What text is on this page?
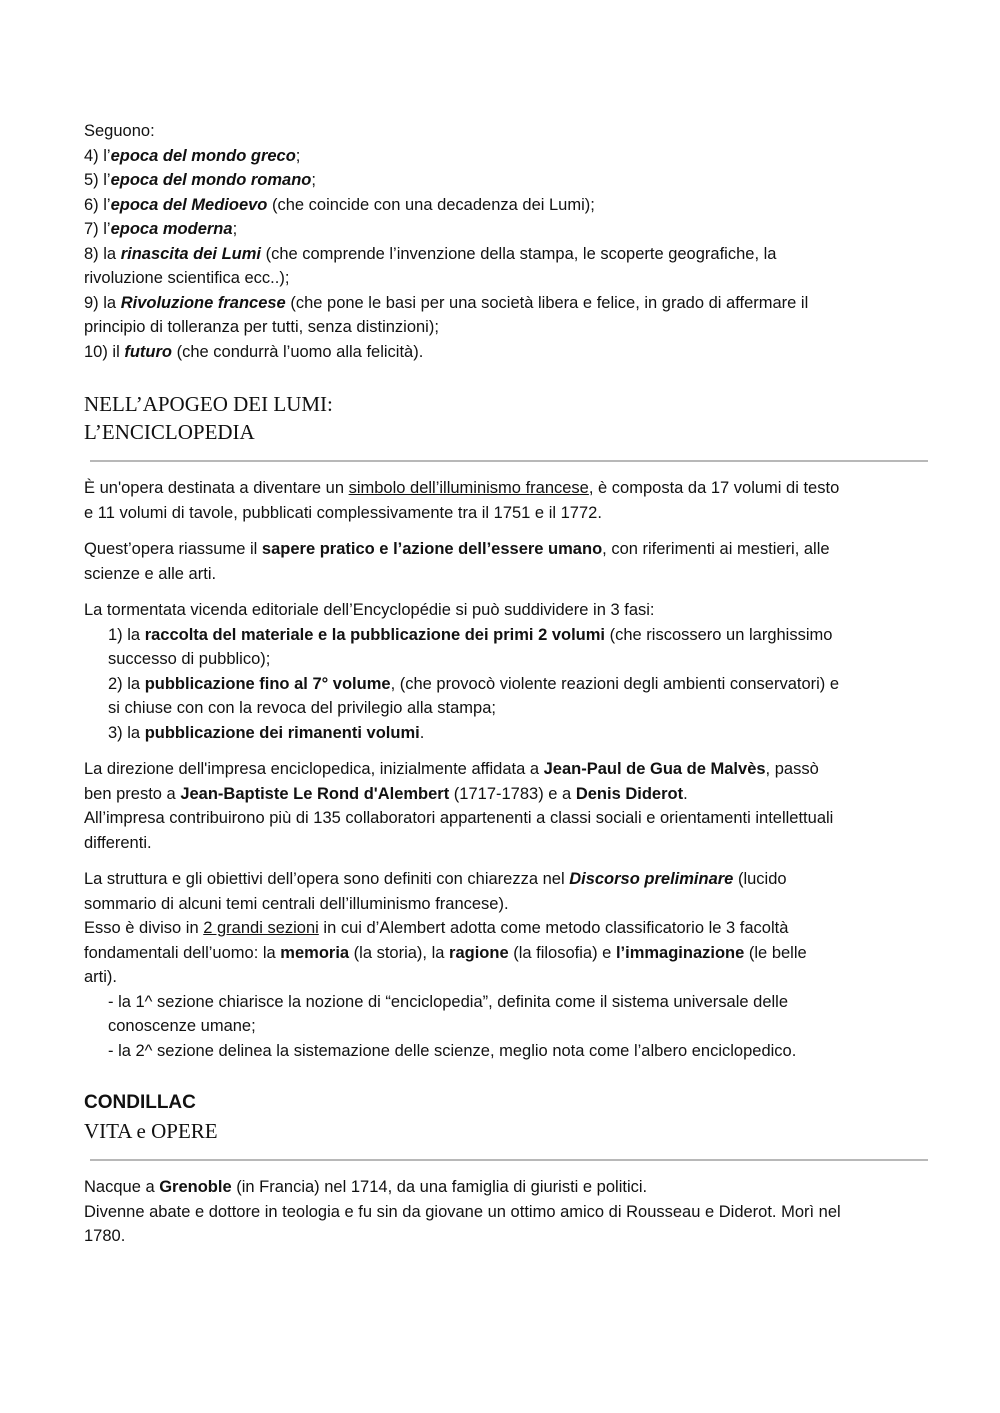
Seguono:
4) l’epoca del mondo greco;
5) l’epoca del mondo romano;
6) l’epoca del Medioevo (che coincide con una decadenza dei Lumi);
7) l’epoca moderna;
8) la rinascita dei Lumi (che comprende l’invenzione della stampa, le scoperte geografiche, la
rivoluzione scientifica ecc..);
9) la Rivoluzione francese (che pone le basi per una società libera e felice, in grado di affermare il
principio di tolleranza per tutti, senza distinzioni);
10) il futuro (che condurrà l’uomo alla felicità).
NELL’APOGEO DEI LUMI:
L’ENCICLOPEDIA

È un'opera destinata a diventare un simbolo dell’illuminismo francese, è composta da 17 volumi di testo
e 11 volumi di tavole, pubblicati complessivamente tra il 1751 e il 1772.

Quest’opera riassume il sapere pratico e l’azione dell’essere umano, con riferimenti ai mestieri, alle
scienze e alle arti.

La tormentata vicenda editoriale dell’Encyclopédie si può suddividere in 3 fasi:
1) la raccolta del materiale e la pubblicazione dei primi 2 volumi (che riscossero un larghissimo
successo di pubblico);
2) la pubblicazione fino al 7° volume, (che provocò violente reazioni degli ambienti conservatori) e
si chiuse con con la revoca del privilegio alla stampa;
3) la pubblicazione dei rimanenti volumi.

La direzione dell'impresa enciclopedica, inizialmente affidata a Jean-Paul de Gua de Malvès, passò
ben presto a Jean-Baptiste Le Rond d'Alembert (1717-1783) e a Denis Diderot.
All’impresa contribuirono più di 135 collaboratori appartenenti a classi sociali e orientamenti intellettuali
differenti.

La struttura e gli obiettivi dell’opera sono definiti con chiarezza nel Discorso preliminare (lucido
sommario di alcuni temi centrali dell’illuminismo francese).
Esso è diviso in 2 grandi sezioni in cui d’Alembert adotta come metodo classificatorio le 3 facoltà
fondamentali dell’uomo: la memoria (la storia), la ragione (la filosofia) e l’immaginazione (le belle
arti).
- la 1^ sezione chiarisce la nozione di “enciclopedia”, definita come il sistema universale delle
conoscenze umane;
- la 2^ sezione delinea la sistemazione delle scienze, meglio nota come l’albero enciclopedico.

CONDILLAC
VITA e OPERE

Nacque a Grenoble (in Francia) nel 1714, da una famiglia di giuristi e politici.
Divenne abate e dottore in teologia e fu sin da giovane un ottimo amico di Rousseau e Diderot. Morì nel
1780.
